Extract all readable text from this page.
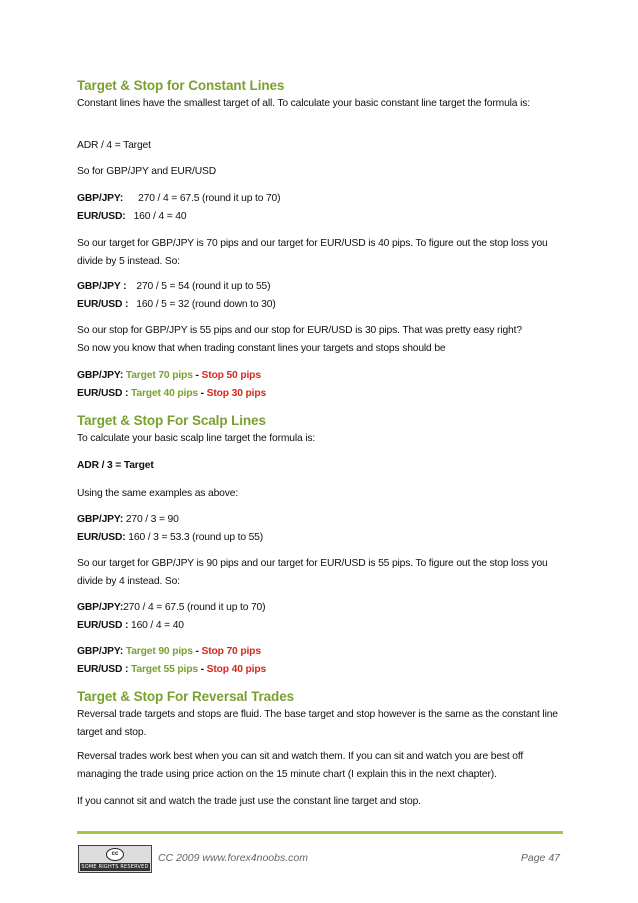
Target & Stop for Constant Lines
Constant lines have the smallest target of all. To calculate your basic constant line target the formula is:
ADR / 4 = Target
So for GBP/JPY and EUR/USD
GBP/JPY: 270 / 4 = 67.5 (round it up to 70)
EUR/USD: 160 / 4 = 40
So our target for GBP/JPY is 70 pips and our target for EUR/USD is 40 pips. To figure out the stop loss you divide by 5 instead. So:
GBP/JPY : 270 / 5 = 54 (round it up to 55)
EUR/USD : 160 / 5 = 32 (round down to 30)
So our stop for GBP/JPY is 55 pips and our stop for EUR/USD is 30 pips. That was pretty easy right?
So now you know that when trading constant lines your targets and stops should be
GBP/JPY: Target 70 pips - Stop 50 pips
EUR/USD : Target 40 pips - Stop 30 pips
Target & Stop For Scalp Lines
To calculate your basic scalp line target the formula is:
ADR / 3 = Target
Using the same examples as above:
GBP/JPY: 270 / 3 = 90
EUR/USD: 160 / 3 = 53.3 (round up to 55)
So our target for GBP/JPY is 90 pips and our target for EUR/USD is 55 pips. To figure out the stop loss you divide by 4 instead. So:
GBP/JPY:270 / 4 = 67.5 (round it up to 70)
EUR/USD : 160 / 4 = 40
GBP/JPY: Target 90 pips - Stop 70 pips
EUR/USD : Target 55 pips - Stop 40 pips
Target & Stop For Reversal Trades
Reversal trade targets and stops are fluid. The base target and stop however is the same as the constant line target and stop.
Reversal trades work best when you can sit and watch them. If you can sit and watch you are best off managing the trade using price action on the 15 minute chart (I explain this in the next chapter).
If you cannot sit and watch the trade just use the constant line target and stop.
cc
SOME RIGHTS RESERVED
CC 2009 www.forex4noobs.com	Page 47
